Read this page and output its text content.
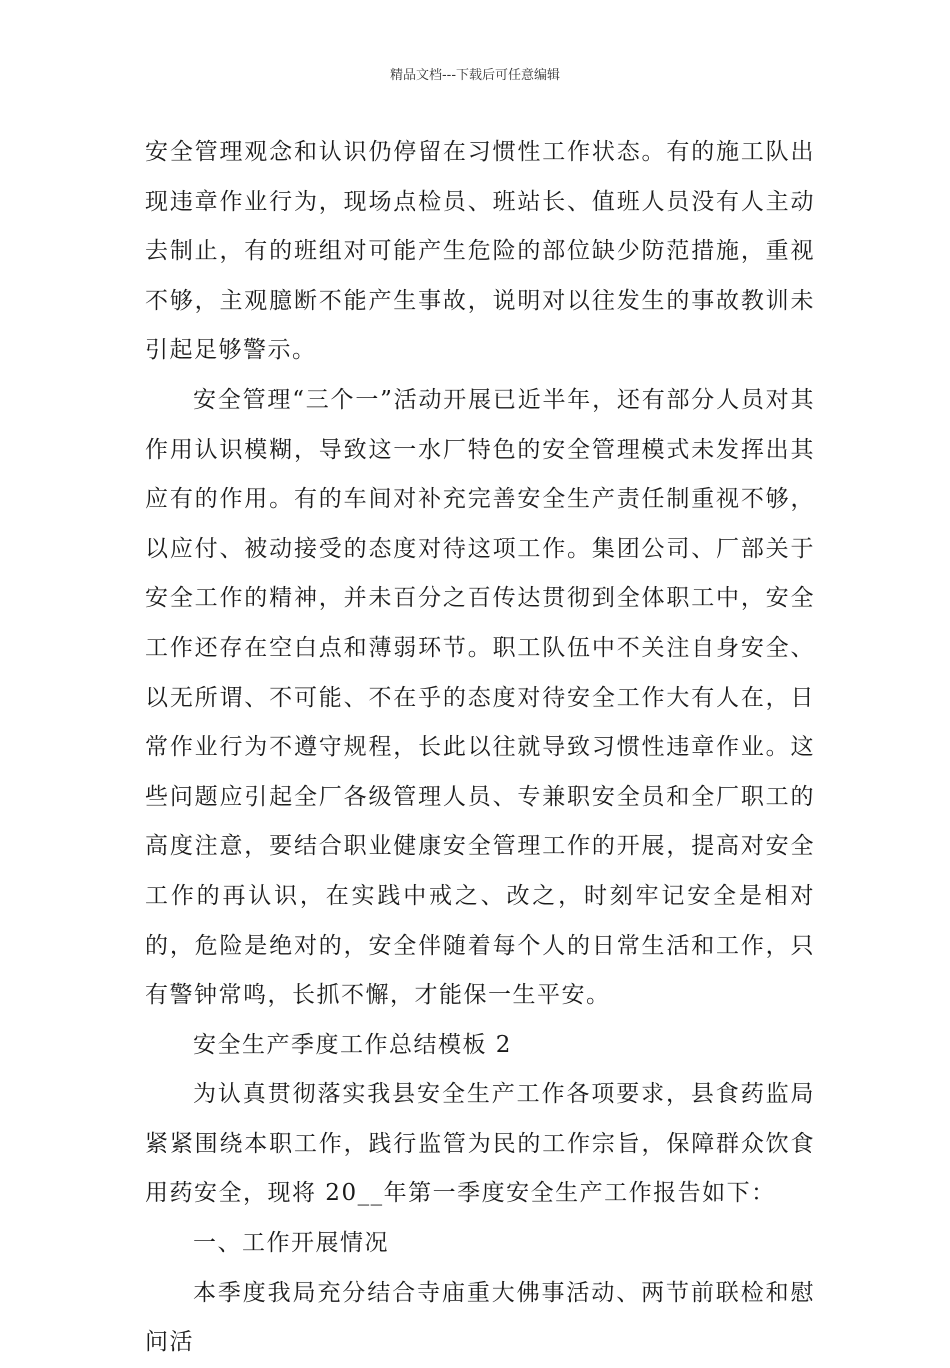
精品文档---下载后可任意编辑

安全管理观念和认识仍停留在习惯性工作状态。有的施工队出现违章作业行为，现场点检员、班站长、值班人员没有人主动去制止，有的班组对可能产生危险的部位缺少防范措施，重视不够，主观臆断不能产生事故，说明对以往发生的事故教训未引起足够警示。

安全管理“三个一”活动开展已近半年，还有部分人员对其作用认识模糊，导致这一水厂特色的安全管理模式未发挥出其应有的作用。有的车间对补充完善安全生产责任制重视不够，以应付、被动接受的态度对待这项工作。集团公司、厂部关于安全工作的精神，并未百分之百传达贯彻到全体职工中，安全工作还存在空白点和薄弱环节。职工队伍中不关注自身安全、以无所谓、不可能、不在乎的态度对待安全工作大有人在，日常作业行为不遵守规程，长此以往就导致习惯性违章作业。这些问题应引起全厂各级管理人员、专兼职安全员和全厂职工的高度注意，要结合职业健康安全管理工作的开展，提高对安全工作的再认识，在实践中戒之、改之，时刻牢记安全是相对的，危险是绝对的，安全伴随着每个人的日常生活和工作，只有警钟常鸣，长抓不懈，才能保一生平安。

安全生产季度工作总结模板 2

为认真贯彻落实我县安全生产工作各项要求，县食药监局紧紧围绕本职工作，践行监管为民的工作宗旨，保障群众饮食用药安全，现将 20__年第一季度安全生产工作报告如下：

一、工作开展情况

本季度我局充分结合寺庙重大佛事活动、两节前联检和慰问活
